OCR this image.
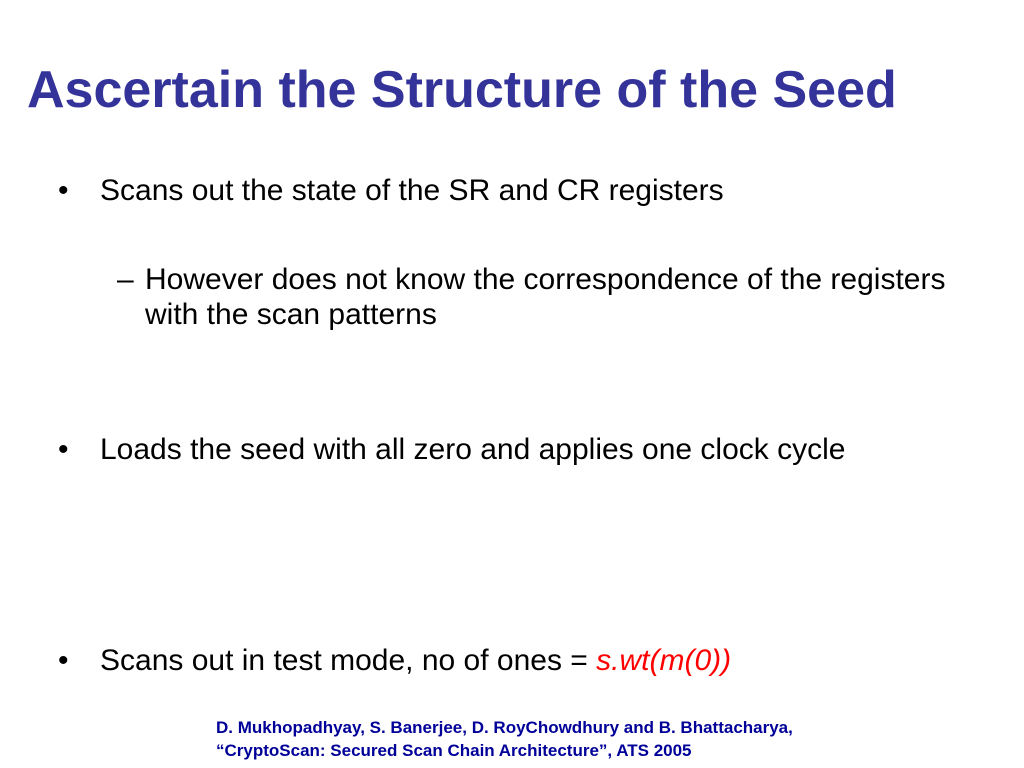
Ascertain the Structure of the Seed
• Scans out the state of the SR and CR registers
– However does not know the correspondence of the registers with the scan patterns
• Loads the seed with all zero and applies one clock cycle
• Scans out in test mode, no of ones = s.wt(m(0))
D. Mukhopadhyay, S. Banerjee, D. RoyChowdhury and B. Bhattacharya,
“CryptoScan: Secured Scan Chain Architecture”, ATS 2005
